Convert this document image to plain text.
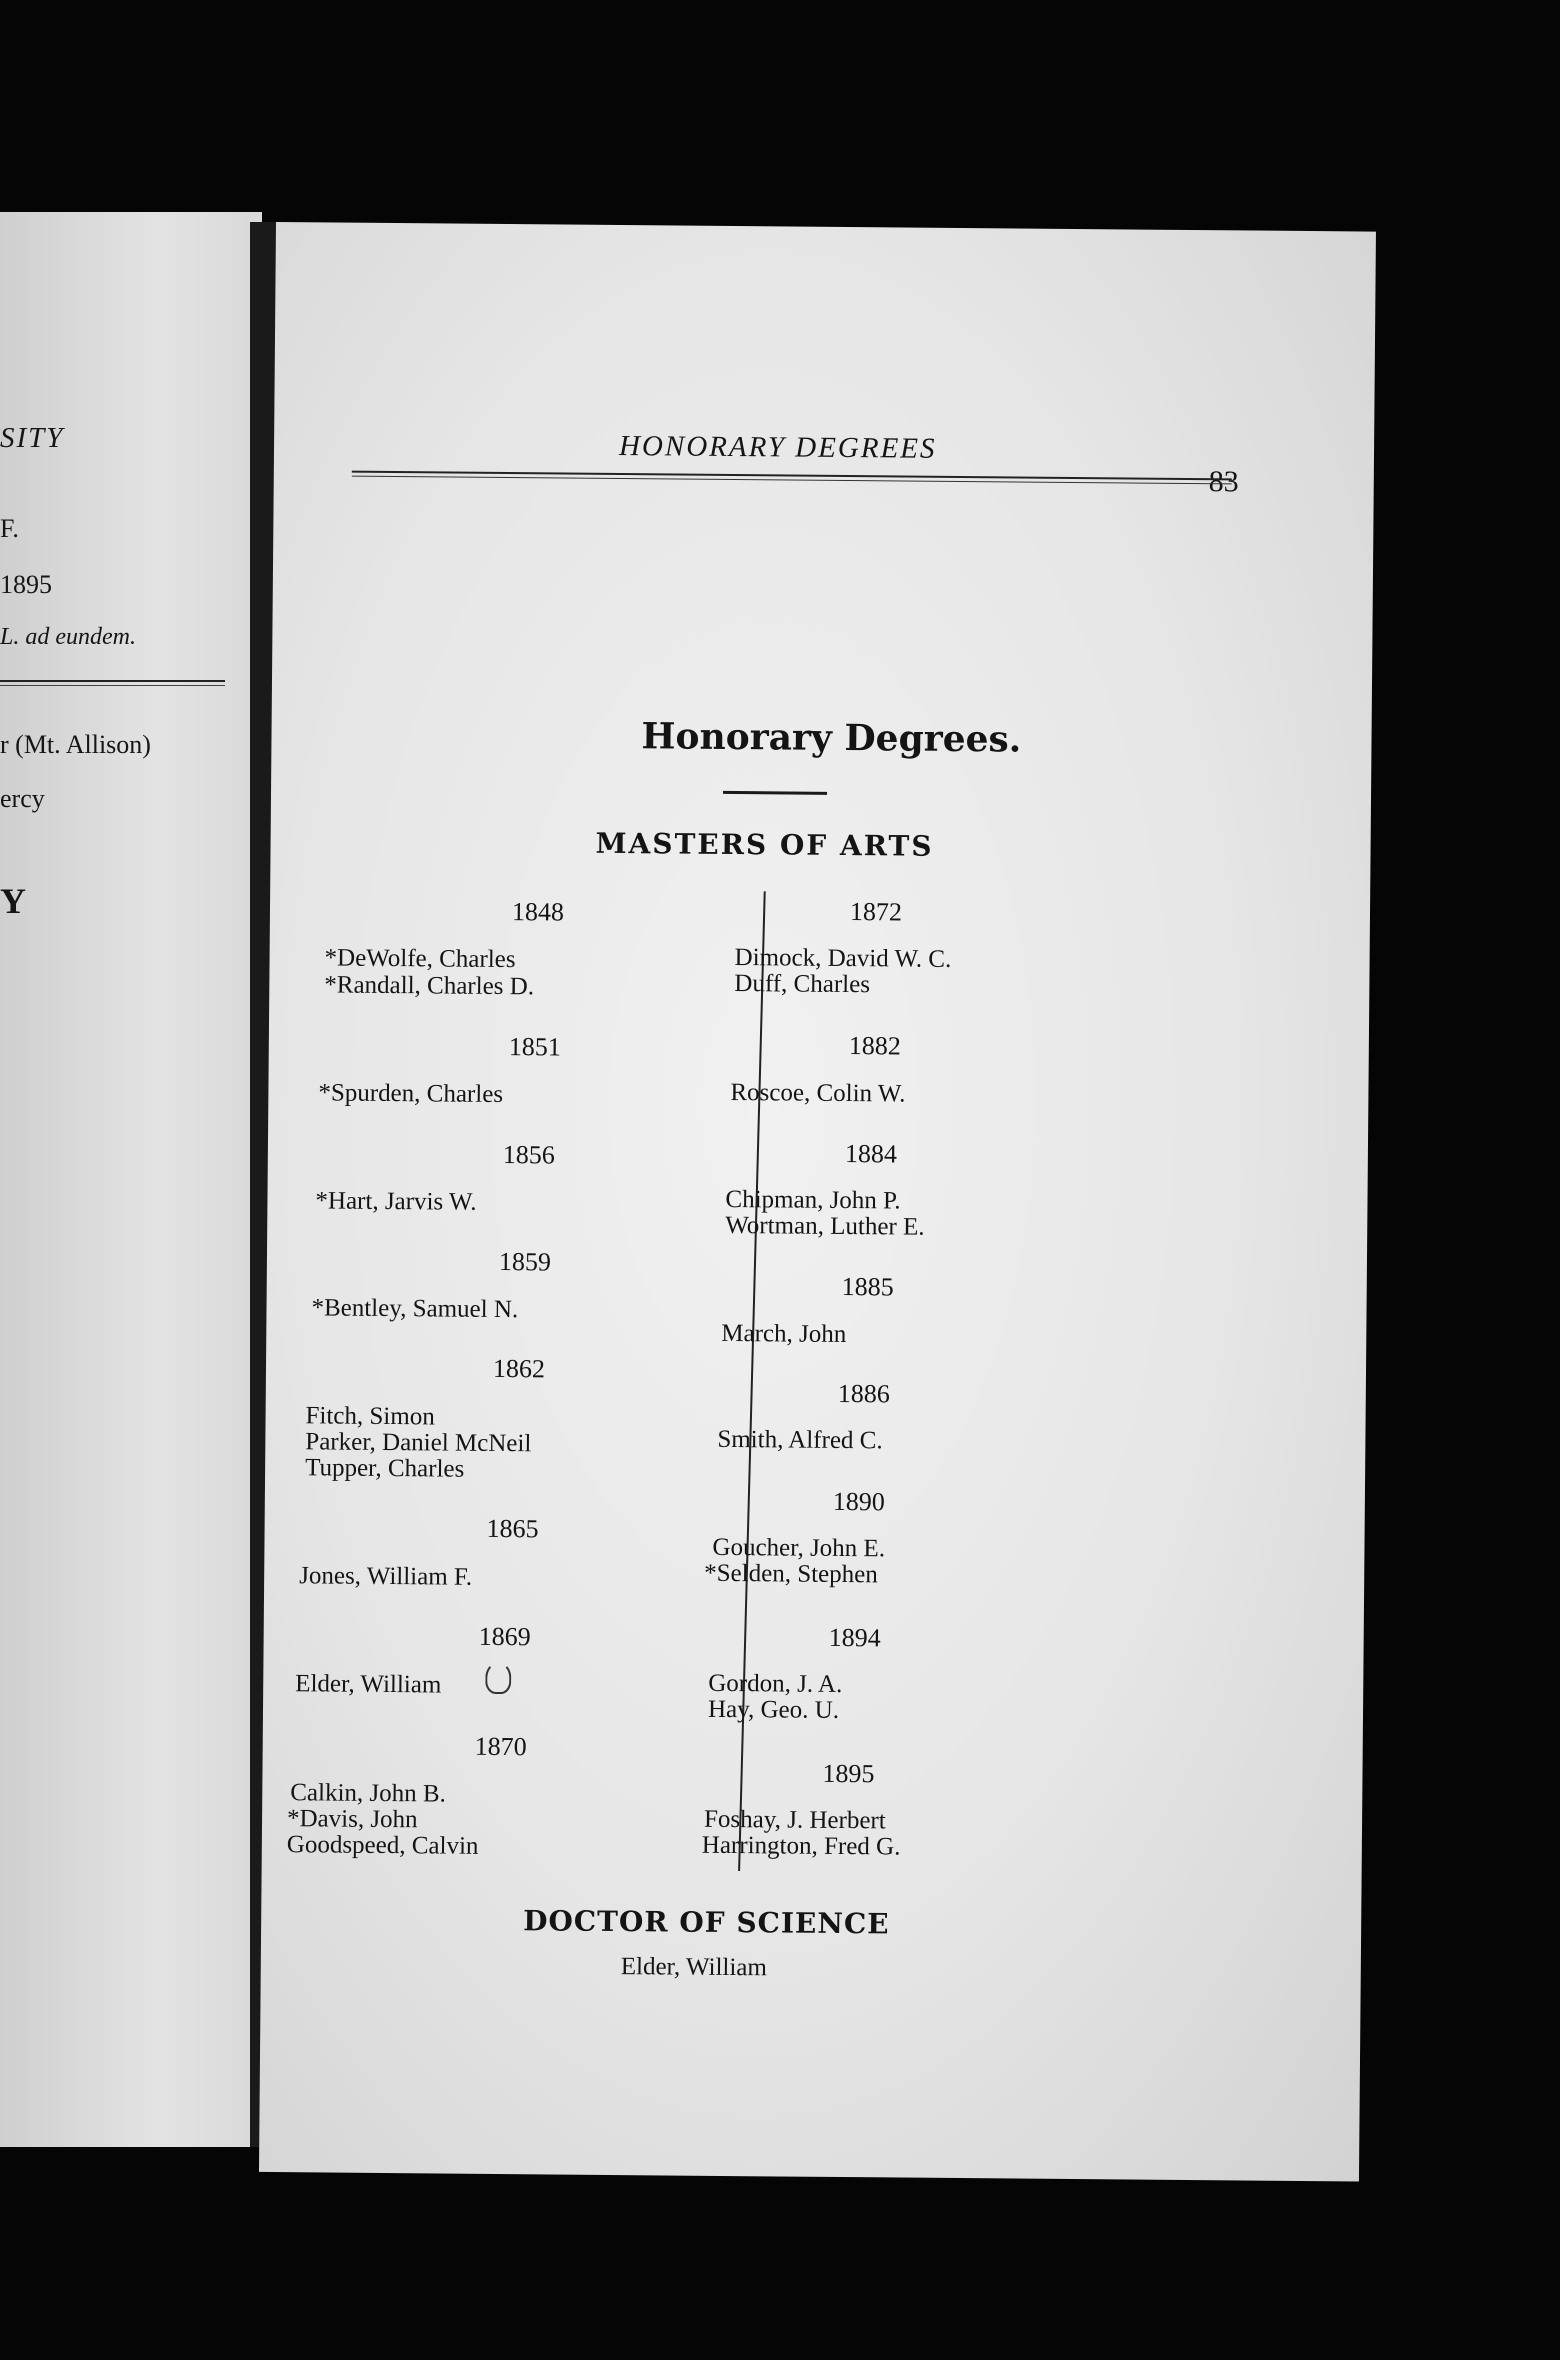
SITY
F.
1895
L. ad eundem.
r (Mt. Allison)
ercy
Y
HONORARY DEGREES
83
Honorary Degrees.
MASTERS OF ARTS
1848
*DeWolfe, Charles
*Randall, Charles D.
1851
*Spurden, Charles
1856
*Hart, Jarvis W.
1859
*Bentley, Samuel N.
1862
Fitch, Simon
Parker, Daniel McNeil
Tupper, Charles
1865
Jones, William F.
1869
Elder, William
1870
Calkin, John B.
*Davis, John
Goodspeed, Calvin
1872
Dimock, David W. C.
Duff, Charles
1882
Roscoe, Colin W.
1884
Chipman, John P.
Wortman, Luther E.
1885
March, John
1886
Smith, Alfred C.
1890
Goucher, John E.
*Selden, Stephen
1894
Gordon, J. A.
Hay, Geo. U.
1895
Foshay, J. Herbert
Harrington, Fred G.
DOCTOR OF SCIENCE
Elder, William
